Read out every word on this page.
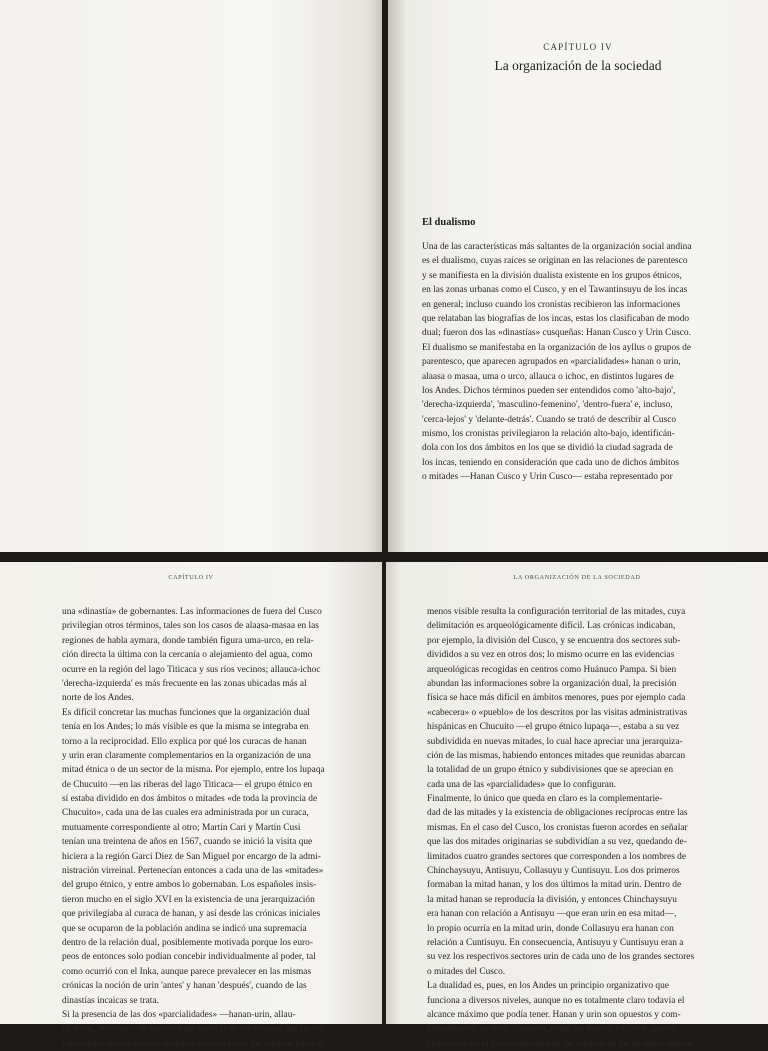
CAPÍTULO IV
La organización de la sociedad
El dualismo
Una de las características más saltantes de la organización social andina
es el dualismo, cuyas raíces se originan en las relaciones de parentesco
y se manifiesta en la división dualista existente en los grupos étnicos,
en las zonas urbanas como el Cusco, y en el Tawantinsuyu de los incas
en general; incluso cuando los cronistas recibieron las informaciones
que relataban las biografías de los incas, estas los clasificaban de modo
dual; fueron dos las «dinastías» cusqueñas: Hanan Cusco y Urin Cusco.
El dualismo se manifestaba en la organización de los ayllus o grupos de
parentesco, que aparecen agrupados en «parcialidades» hanan o urin,
alaasa o masaa, uma o urco, allauca o ichoc, en distintos lugares de
los Andes. Dichos términos pueden ser entendidos como 'alto-bajo',
'derecha-izquierda', 'masculino-femenino', 'dentro-fuera' e, incluso,
'cerca-lejos' y 'delante-detrás'. Cuando se trató de describir al Cusco
mismo, los cronistas privilegiaron la relación alto-bajo, identificán-
dola con los dos ámbitos en los que se dividió la ciudad sagrada de
los incas, teniendo en consideración que cada uno de dichos ámbitos
o mitades —Hanan Cusco y Urin Cusco— estaba representado por
CAPÍTULO IV
una «dinastía» de gobernantes. Las informaciones de fuera del Cusco
privilegian otros términos, tales son los casos de alaasa-masaa en las
regiones de habla aymara, donde también figura uma-urco, en rela-
ción directa la última con la cercanía o alejamiento del agua, como
ocurre en la región del lago Titicaca y sus ríos vecinos; allauca-ichoc
'derecha-izquierda' es más frecuente en las zonas ubicadas más al
norte de los Andes.
Es difícil concretar las muchas funciones que la organización dual
tenía en los Andes; lo más visible es que la misma se integraba en
torno a la reciprocidad. Ello explica por qué los curacas de hanan
y urin eran claramente complementarios en la organización de una
mitad étnica o de un sector de la misma. Por ejemplo, entre los lupaqa
de Chucuito —en las riberas del lago Titicaca— el grupo étnico en
sí estaba dividido en dos ámbitos o mitades «de toda la provincia de
Chucuito», cada una de las cuales era administrada por un curaca,
mutuamente correspondiente al otro; Martín Cari y Martín Cusi
tenían una treintena de años en 1567, cuando se inició la visita que
hiciera a la región Garci Diez de San Miguel por encargo de la admi-
nistración virreinal. Pertenecían entonces a cada una de las «mitades»
del grupo étnico, y entre ambos lo gobernaban. Los españoles insis-
tieron mucho en el siglo XVI en la existencia de una jerarquización
que privilegiaba al curaca de hanan, y así desde las crónicas iniciales
que se ocuparon de la población andina se indicó una supremacía
dentro de la relación dual, posiblemente motivada porque los euro-
peos de entonces solo podían concebir individualmente al poder, tal
como ocurrió con el Inka, aunque parece prevalecer en las mismas
crónicas la noción de urin 'antes' y hanan 'después', cuando de las
dinastías incaicas se trata.
Si la presencia de las dos «parcialidades» —hanan-urin, allau-
ca-ichoc, etcétera— es tan evidente como la de los curacas que las en-
cabezaban, vemos se correspondían entre sí como las mitades mismas,
LA ORGANIZACIÓN DE LA SOCIEDAD
menos visible resulta la configuración territorial de las mitades, cuya
delimitación es arqueológicamente difícil. Las crónicas indicaban,
por ejemplo, la división del Cusco, y se encuentra dos sectores sub-
divididos a su vez en otros dos; lo mismo ocurre en las evidencias
arqueológicas recogidas en centros como Huánuco Pampa. Si bien
abundan las informaciones sobre la organización dual, la precisión
física se hace más difícil en ámbitos menores, pues por ejemplo cada
«cabecera» o «pueblo» de los descritos por las visitas administrativas
hispánicas en Chucuito —el grupo étnico lupaqa—, estaba a su vez
subdividida en nuevas mitades, lo cual hace apreciar una jerarquiza-
ción de las mismas, habiendo entonces mitades que reunidas abarcan
la totalidad de un grupo étnico y subdivisiones que se aprecian en
cada una de las «parcialidades» que lo configuran.
Finalmente, lo único que queda en claro es la complementarie-
dad de las mitades y la existencia de obligaciones recíprocas entre las
mismas. En el caso del Cusco, los cronistas fueron acordes en señalar
que las dos mitades originarias se subdividían a su vez, quedando de-
limitados cuatro grandes sectores que corresponden a los nombres de
Chinchaysuyu, Antisuyu, Collasuyu y Cuntisuyu. Los dos primeros
formaban la mitad hanan, y los dos últimos la mitad urin. Dentro de
la mitad hanan se reproducía la división, y entonces Chinchaysuyu
era hanan con relación a Antisuyu —que eran urin en esa mitad—,
lo propio ocurría en la mitad urin, donde Collasuyu era hanan con
relación a Cuntisuyu. En consecuencia, Antisuyu y Cuntisuyu eran a
su vez los respectivos sectores urin de cada uno de los grandes sectores
o mitades del Cusco.
La dualidad es, pues, en los Andes un principio organizativo que
funciona a diversos niveles, aunque no es totalmente claro todavía el
alcance máximo que podía tener. Hanan y urin son opuestos y com-
plementarios, es decir, yanantin, como las manos, y ello se aprecia
claramente en el funcionamiento de las mitades de las unidades étnicas
